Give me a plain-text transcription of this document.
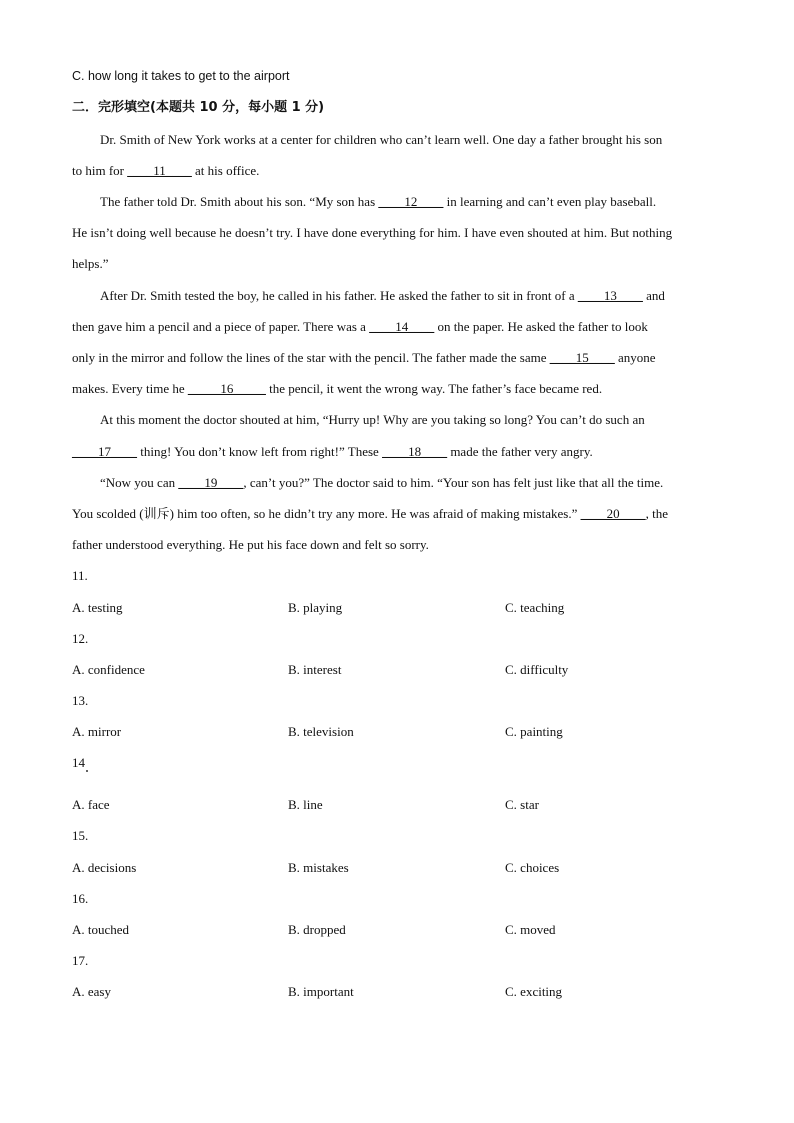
C. how long it takes to get to the airport
二．完形填空(本题共 10 分，每小题 1 分)
Dr. Smith of New York works at a center for children who can’t learn well. One day a father brought his son
to him for ____11____ at his office.
The father told Dr. Smith about his son. “My son has ____12____ in learning and can’t even play baseball.
He isn’t doing well because he doesn’t try. I have done everything for him. I have even shouted at him. But nothing
helps.”
After Dr. Smith tested the boy, he called in his father. He asked the father to sit in front of a ____13____ and
then gave him a pencil and a piece of paper. There was a ____14____ on the paper. He asked the father to look
only in the mirror and follow the lines of the star with the pencil. The father made the same ____15____ anyone
makes. Every time he _____16_____ the pencil, it went the wrong way. The father’s face became red.
At this moment the doctor shouted at him, “Hurry up! Why are you taking so long? You can’t do such an
____17____ thing! You don’t know left from right!” These ____18____ made the father very angry.
“Now you can ____19____, can’t you?” The doctor said to him. “Your son has felt just like that all the time.
You scolded (训斥) him too often, so he didn’t try any more. He was afraid of making mistakes.” ____20____, the
father understood everything. He put his face down and felt so sorry.
11.
A. testing	B. playing	C. teaching
12.
A. confidence	B. interest	C. difficulty
13.
A. mirror	B. television	C. painting
14
A. face	B. line	C. star
15.
A. decisions	B. mistakes	C. choices
16.
A. touched	B. dropped	C. moved
17.
A. easy	B. important	C. exciting
